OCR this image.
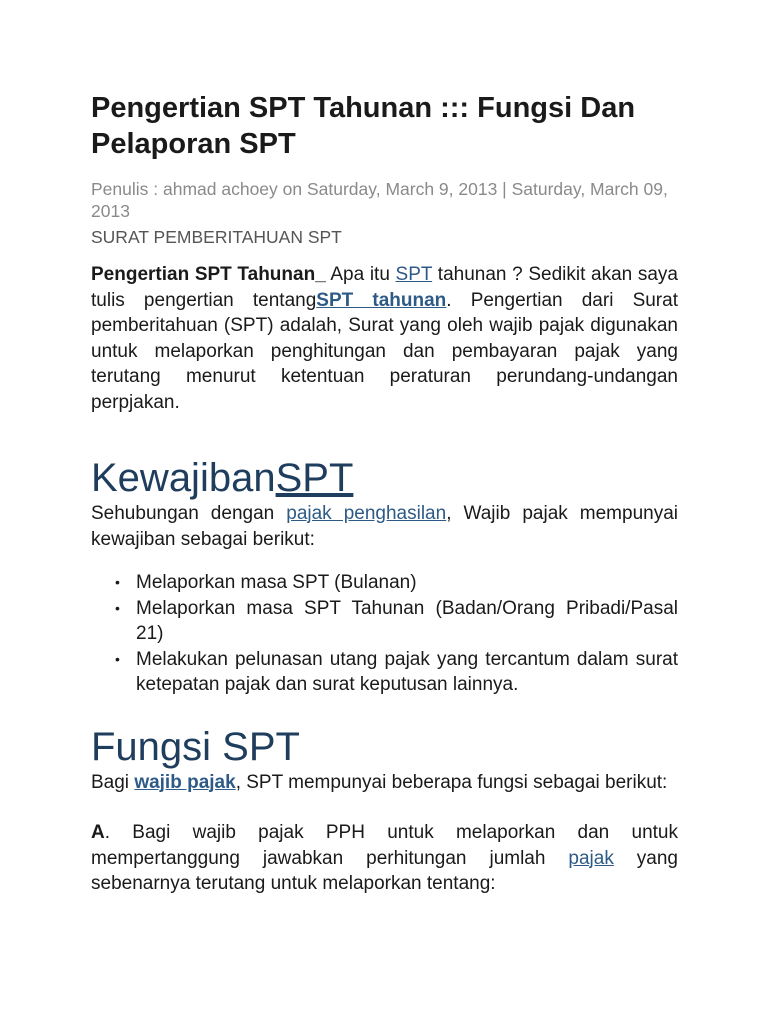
Pengertian SPT Tahunan ::: Fungsi Dan Pelaporan SPT
Penulis : ahmad achoey on Saturday, March 9, 2013 | Saturday, March 09, 2013
SURAT PEMBERITAHUAN SPT

Pengertian SPT Tahunan_ Apa itu SPT tahunan ? Sedikit akan saya tulis pengertian tentangSPT tahunan. Pengertian dari Surat pemberitahuan (SPT) adalah, Surat yang oleh wajib pajak digunakan untuk melaporkan penghitungan dan pembayaran pajak yang terutang menurut ketentuan peraturan perundang-undangan perpjakan.

KewajibanSPT

Sehubungan dengan pajak penghasilan, Wajib pajak mempunyai kewajiban sebagai berikut:

• Melaporkan masa SPT (Bulanan)
• Melaporkan masa SPT Tahunan (Badan/Orang Pribadi/Pasal 21)
• Melakukan pelunasan utang pajak yang tercantum dalam surat ketepatan pajak dan surat keputusan lainnya.
Fungsi SPT

Bagi wajib pajak, SPT mempunyai beberapa fungsi sebagai berikut:

A. Bagi wajib pajak PPH untuk melaporkan dan untuk mempertanggung jawabkan perhitungan jumlah pajak yang sebenarnya terutang untuk melaporkan tentang:
